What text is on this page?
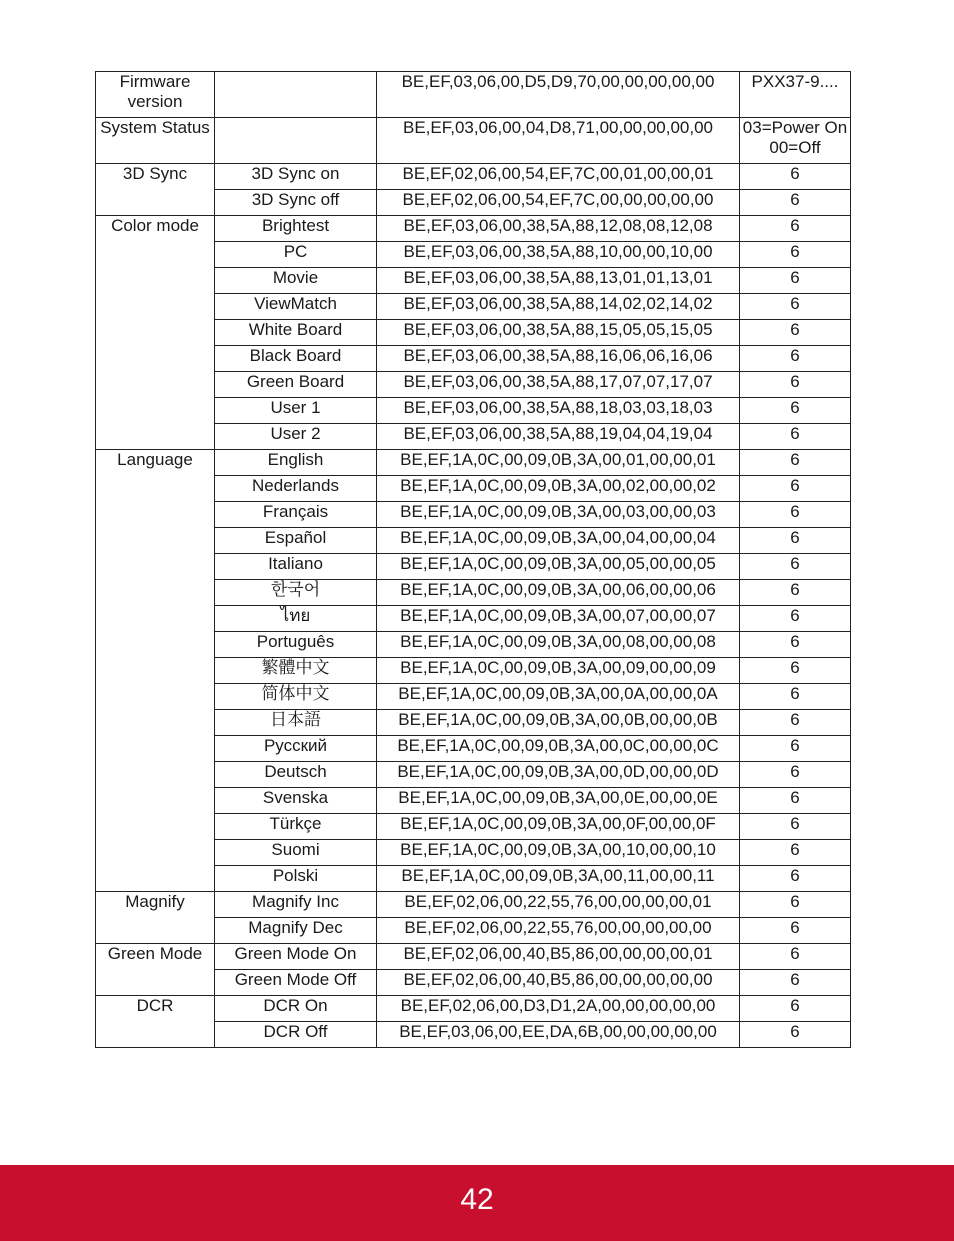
Firmware version		BE,EF,03,06,00,D5,D9,70,00,00,00,00,00	PXX37-9....
System Status		BE,EF,03,06,00,04,D8,71,00,00,00,00,00	03=Power On 00=Off
3D Sync	3D Sync on	BE,EF,02,06,00,54,EF,7C,00,01,00,00,01	6
	3D Sync off	BE,EF,02,06,00,54,EF,7C,00,00,00,00,00	6
Color mode	Brightest	BE,EF,03,06,00,38,5A,88,12,08,08,12,08	6
	PC	BE,EF,03,06,00,38,5A,88,10,00,00,10,00	6
	Movie	BE,EF,03,06,00,38,5A,88,13,01,01,13,01	6
	ViewMatch	BE,EF,03,06,00,38,5A,88,14,02,02,14,02	6
	White Board	BE,EF,03,06,00,38,5A,88,15,05,05,15,05	6
	Black Board	BE,EF,03,06,00,38,5A,88,16,06,06,16,06	6
	Green Board	BE,EF,03,06,00,38,5A,88,17,07,07,17,07	6
	User 1	BE,EF,03,06,00,38,5A,88,18,03,03,18,03	6
	User 2	BE,EF,03,06,00,38,5A,88,19,04,04,19,04	6
Language	English	BE,EF,1A,0C,00,09,0B,3A,00,01,00,00,01	6
	Nederlands	BE,EF,1A,0C,00,09,0B,3A,00,02,00,00,02	6
	Français	BE,EF,1A,0C,00,09,0B,3A,00,03,00,00,03	6
	Español	BE,EF,1A,0C,00,09,0B,3A,00,04,00,00,04	6
	Italiano	BE,EF,1A,0C,00,09,0B,3A,00,05,00,00,05	6
	한국어	BE,EF,1A,0C,00,09,0B,3A,00,06,00,00,06	6
	ไทย	BE,EF,1A,0C,00,09,0B,3A,00,07,00,00,07	6
	Português	BE,EF,1A,0C,00,09,0B,3A,00,08,00,00,08	6
	繁體中文	BE,EF,1A,0C,00,09,0B,3A,00,09,00,00,09	6
	简体中文	BE,EF,1A,0C,00,09,0B,3A,00,0A,00,00,0A	6
	日本語	BE,EF,1A,0C,00,09,0B,3A,00,0B,00,00,0B	6
	Русский	BE,EF,1A,0C,00,09,0B,3A,00,0C,00,00,0C	6
	Deutsch	BE,EF,1A,0C,00,09,0B,3A,00,0D,00,00,0D	6
	Svenska	BE,EF,1A,0C,00,09,0B,3A,00,0E,00,00,0E	6
	Türkçe	BE,EF,1A,0C,00,09,0B,3A,00,0F,00,00,0F	6
	Suomi	BE,EF,1A,0C,00,09,0B,3A,00,10,00,00,10	6
	Polski	BE,EF,1A,0C,00,09,0B,3A,00,11,00,00,11	6
Magnify	Magnify Inc	BE,EF,02,06,00,22,55,76,00,00,00,00,01	6
	Magnify Dec	BE,EF,02,06,00,22,55,76,00,00,00,00,00	6
Green Mode	Green Mode On	BE,EF,02,06,00,40,B5,86,00,00,00,00,01	6
	Green Mode Off	BE,EF,02,06,00,40,B5,86,00,00,00,00,00	6
DCR	DCR On	BE,EF,02,06,00,D3,D1,2A,00,00,00,00,00	6
	DCR Off	BE,EF,03,06,00,EE,DA,6B,00,00,00,00,00	6
42
